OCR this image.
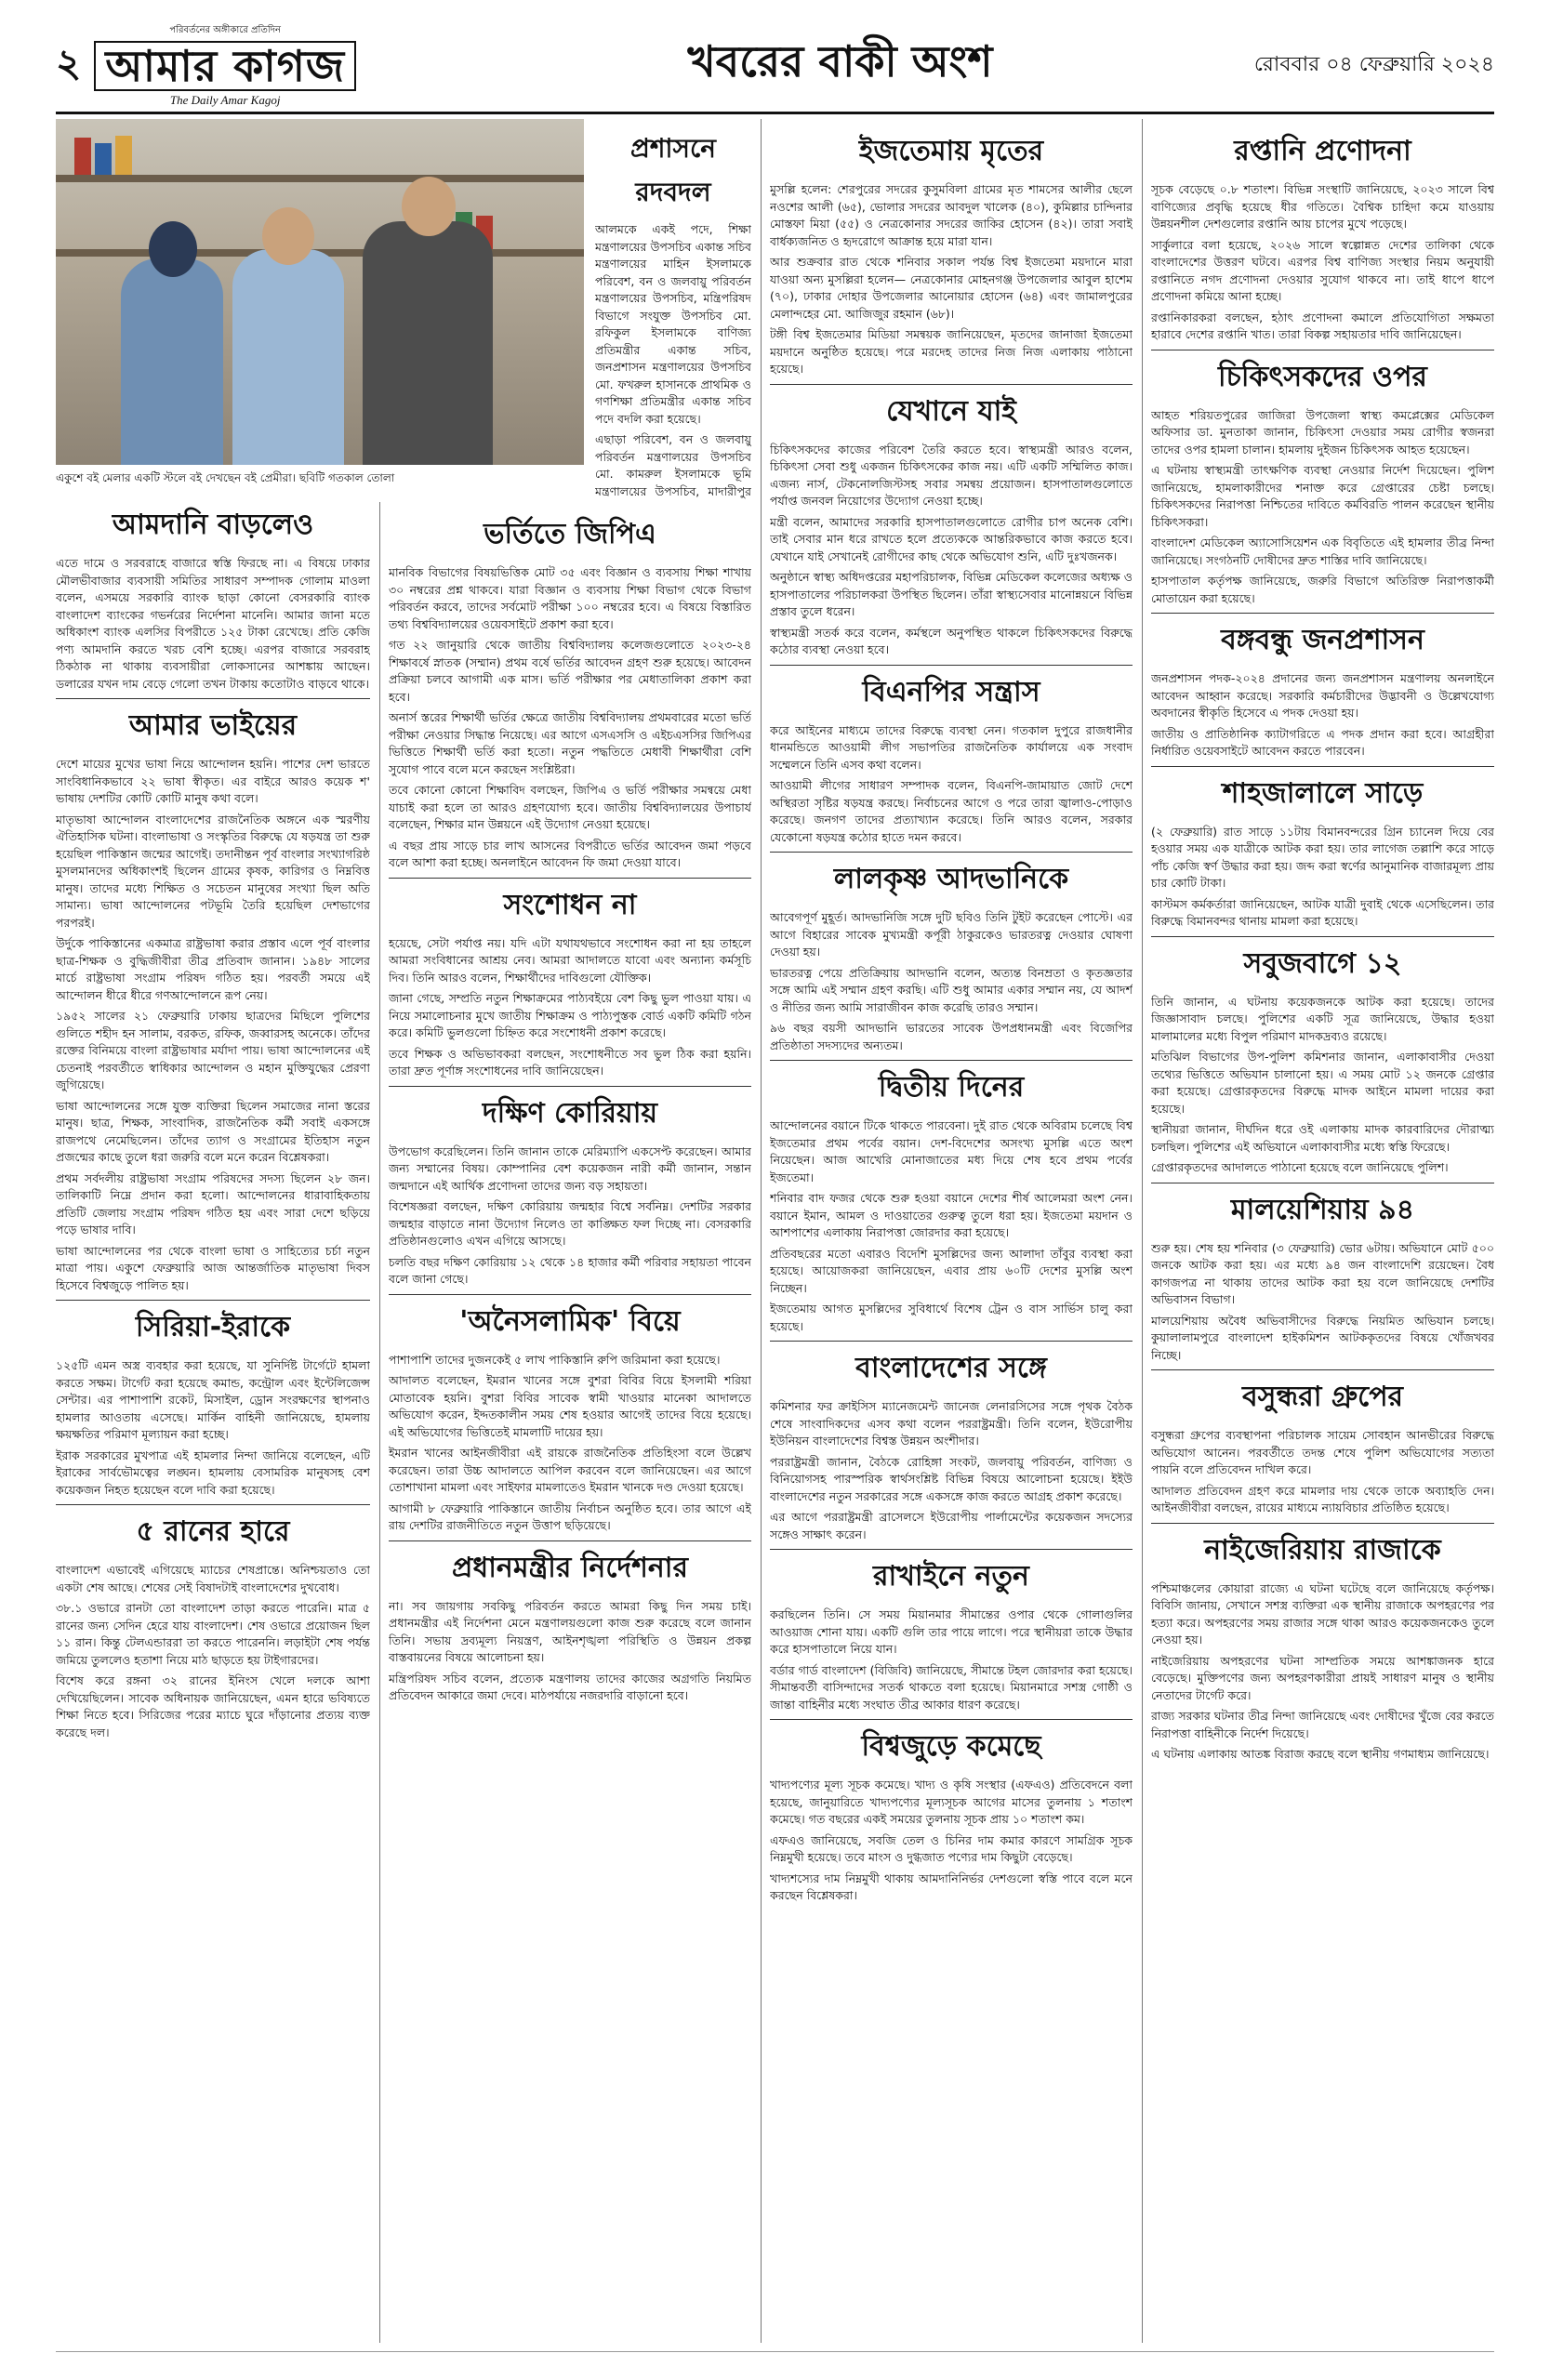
২
পরিবর্তনের অঙ্গীকারে প্রতিদিন
আমার কাগজ
The Daily Amar Kagoj
খবরের বাকী অংশ	রোববার ০৪ ফেব্রুয়ারি ২০২৪
একুশে বই মেলার একটি স্টলে বই দেখছেন বই প্রেমীরা। ছবিটি গতকাল তোলা
আমদানি বাড়লেও

এতে দামে ও সরবরাহে বাজারে স্বস্তি ফিরছে না। এ বিষয়ে ঢাকার মৌলভীবাজার ব্যবসায়ী সমিতির সাধারণ সম্পাদক গোলাম মাওলা বলেন, এসময়ে সরকারি ব্যাংক ছাড়া কোনো বেসরকারি ব্যাংক বাংলাদেশ ব্যাংকের গভর্নরের নির্দেশনা মানেনি। আমার জানা মতে অধিকাংশ ব্যাংক এলসির বিপরীতে ১২৫ টাকা রেখেছে। প্রতি কেজি পণ্য আমদানি করতে খরচ বেশি হচ্ছে। এরপর বাজারে সরবরাহ ঠিকঠাক না থাকায় ব্যবসায়ীরা লোকসানের আশঙ্কায় আছেন। ডলারের যখন দাম বেড়ে গেলো তখন টাকায় কতোটাও বাড়বে থাকে।

আমার ভাইয়ের

দেশে মায়ের মুখের ভাষা নিয়ে আন্দোলন হয়নি। পাশের দেশ ভারতে সাংবিধানিকভাবে ২২ ভাষা স্বীকৃত। এর বাইরে আরও কয়েক শ' ভাষায় দেশটির কোটি কোটি মানুষ কথা বলে।

মাতৃভাষা আন্দোলন বাংলাদেশের রাজনৈতিক অঙ্গনে এক স্মরণীয় ঐতিহাসিক ঘটনা। বাংলাভাষা ও সংস্কৃতির বিরুদ্ধে যে ষড়যন্ত্র তা শুরু হয়েছিল পাকিস্তান জন্মের আগেই। তদানীন্তন পূর্ব বাংলার সংখ্যাগরিষ্ঠ মুসলমানদের অধিকাংশই ছিলেন গ্রামের কৃষক, কারিগর ও নিম্নবিত্ত মানুষ। তাদের মধ্যে শিক্ষিত ও সচেতন মানুষের সংখ্যা ছিল অতি সামান্য। ভাষা আন্দোলনের পটভূমি তৈরি হয়েছিল দেশভাগের পরপরই।

উর্দুকে পাকিস্তানের একমাত্র রাষ্ট্রভাষা করার প্রস্তাব এলে পূর্ব বাংলার ছাত্র-শিক্ষক ও বুদ্ধিজীবীরা তীব্র প্রতিবাদ জানান। ১৯৪৮ সালের মার্চে রাষ্ট্রভাষা সংগ্রাম পরিষদ গঠিত হয়। পরবর্তী সময়ে এই আন্দোলন ধীরে ধীরে গণআন্দোলনে রূপ নেয়।

১৯৫২ সালের ২১ ফেব্রুয়ারি ঢাকায় ছাত্রদের মিছিলে পুলিশের গুলিতে শহীদ হন সালাম, বরকত, রফিক, জব্বারসহ অনেকে। তাঁদের রক্তের বিনিময়ে বাংলা রাষ্ট্রভাষার মর্যাদা পায়। ভাষা আন্দোলনের এই চেতনাই পরবর্তীতে স্বাধিকার আন্দোলন ও মহান মুক্তিযুদ্ধের প্রেরণা জুগিয়েছে।

ভাষা আন্দোলনের সঙ্গে যুক্ত ব্যক্তিরা ছিলেন সমাজের নানা স্তরের মানুষ। ছাত্র, শিক্ষক, সাংবাদিক, রাজনৈতিক কর্মী সবাই একসঙ্গে রাজপথে নেমেছিলেন। তাঁদের ত্যাগ ও সংগ্রামের ইতিহাস নতুন প্রজন্মের কাছে তুলে ধরা জরুরি বলে মনে করেন বিশ্লেষকরা।

প্রথম সর্বদলীয় রাষ্ট্রভাষা সংগ্রাম পরিষদের সদস্য ছিলেন ২৮ জন। তালিকাটি নিম্নে প্রদান করা হলো। আন্দোলনের ধারাবাহিকতায় প্রতিটি জেলায় সংগ্রাম পরিষদ গঠিত হয় এবং সারা দেশে ছড়িয়ে পড়ে ভাষার দাবি।

ভাষা আন্দোলনের পর থেকে বাংলা ভাষা ও সাহিত্যের চর্চা নতুন মাত্রা পায়। একুশে ফেব্রুয়ারি আজ আন্তর্জাতিক মাতৃভাষা দিবস হিসেবে বিশ্বজুড়ে পালিত হয়।

সিরিয়া-ইরাকে

১২৫টি এমন অস্ত্র ব্যবহার করা হয়েছে, যা সুনির্দিষ্ট টার্গেটে হামলা করতে সক্ষম। টার্গেট করা হয়েছে কমান্ড, কন্ট্রোল এবং ইন্টেলিজেন্স সেন্টার। এর পাশাপাশি রকেট, মিসাইল, ড্রোন সংরক্ষণের স্থাপনাও হামলার আওতায় এসেছে। মার্কিন বাহিনী জানিয়েছে, হামলায় ক্ষয়ক্ষতির পরিমাণ মূল্যায়ন করা হচ্ছে।

ইরাক সরকারের মুখপাত্র এই হামলার নিন্দা জানিয়ে বলেছেন, এটি ইরাকের সার্বভৌমত্বের লঙ্ঘন। হামলায় বেসামরিক মানুষসহ বেশ কয়েকজন নিহত হয়েছেন বলে দাবি করা হয়েছে।

৫ রানের হারে

বাংলাদেশ এভাবেই এগিয়েছে ম্যাচের শেষপ্রান্তে। অনিশ্চয়তাও তো একটা শেষ আছে। শেষের সেই বিষাদটাই বাংলাদেশের দুখবোধ।

৩৮.১ ওভারে রানটা তো বাংলাদেশ তাড়া করতে পারেনি। মাত্র ৫ রানের জন্য সেদিন হেরে যায় বাংলাদেশ। শেষ ওভারে প্রয়োজন ছিল ১১ রান। কিন্তু টেলএন্ডাররা তা করতে পারেননি। লড়াইটা শেষ পর্যন্ত জমিয়ে তুললেও হতাশা নিয়ে মাঠ ছাড়তে হয় টাইগারদের।

বিশেষ করে রঙ্গনা ৩২ রানের ইনিংস খেলে দলকে আশা দেখিয়েছিলেন। সাবেক অধিনায়ক জানিয়েছেন, এমন হারে ভবিষ্যতে শিক্ষা নিতে হবে। সিরিজের পরের ম্যাচে ঘুরে দাঁড়ানোর প্রত্যয় ব্যক্ত করেছে দল।

ভর্তিতে জিপিএ

মানবিক বিভাগের বিষয়ভিত্তিক মোট ৩৫ এবং বিজ্ঞান ও ব্যবসায় শিক্ষা শাখায় ৩০ নম্বরের প্রশ্ন থাকবে। যারা বিজ্ঞান ও ব্যবসায় শিক্ষা বিভাগ থেকে বিভাগ পরিবর্তন করবে, তাদের সর্বমোট পরীক্ষা ১০০ নম্বরের হবে। এ বিষয়ে বিস্তারিত তথ্য বিশ্ববিদ্যালয়ের ওয়েবসাইটে প্রকাশ করা হবে।

গত ২২ জানুয়ারি থেকে জাতীয় বিশ্ববিদ্যালয় কলেজগুলোতে ২০২৩-২৪ শিক্ষাবর্ষে স্নাতক (সম্মান) প্রথম বর্ষে ভর্তির আবেদন গ্রহণ শুরু হয়েছে। আবেদন প্রক্রিয়া চলবে আগামী এক মাস। ভর্তি পরীক্ষার পর মেধাতালিকা প্রকাশ করা হবে।

অনার্স স্তরের শিক্ষার্থী ভর্তির ক্ষেত্রে জাতীয় বিশ্ববিদ্যালয় প্রথমবারের মতো ভর্তি পরীক্ষা নেওয়ার সিদ্ধান্ত নিয়েছে। এর আগে এসএসসি ও এইচএসসির জিপিএর ভিত্তিতে শিক্ষার্থী ভর্তি করা হতো। নতুন পদ্ধতিতে মেধাবী শিক্ষার্থীরা বেশি সুযোগ পাবে বলে মনে করছেন সংশ্লিষ্টরা।

তবে কোনো কোনো শিক্ষাবিদ বলছেন, জিপিএ ও ভর্তি পরীক্ষার সমন্বয়ে মেধা যাচাই করা হলে তা আরও গ্রহণযোগ্য হবে। জাতীয় বিশ্ববিদ্যালয়ের উপাচার্য বলেছেন, শিক্ষার মান উন্নয়নে এই উদ্যোগ নেওয়া হয়েছে।

এ বছর প্রায় সাড়ে চার লাখ আসনের বিপরীতে ভর্তির আবেদন জমা পড়বে বলে আশা করা হচ্ছে। অনলাইনে আবেদন ফি জমা দেওয়া যাবে।

সংশোধন না

হয়েছে, সেটা পর্যাপ্ত নয়। যদি এটা যথাযথভাবে সংশোধন করা না হয় তাহলে আমরা সংবিধানের আশ্রয় নেব। আমরা আদালতে যাবো এবং অন্যান্য কর্মসূচি দিব। তিনি আরও বলেন, শিক্ষার্থীদের দাবিগুলো যৌক্তিক।

জানা গেছে, সম্প্রতি নতুন শিক্ষাক্রমের পাঠ্যবইয়ে বেশ কিছু ভুল পাওয়া যায়। এ নিয়ে সমালোচনার মুখে জাতীয় শিক্ষাক্রম ও পাঠ্যপুস্তক বোর্ড একটি কমিটি গঠন করে। কমিটি ভুলগুলো চিহ্নিত করে সংশোধনী প্রকাশ করেছে।

তবে শিক্ষক ও অভিভাবকরা বলছেন, সংশোধনীতে সব ভুল ঠিক করা হয়নি। তারা দ্রুত পূর্ণাঙ্গ সংশোধনের দাবি জানিয়েছেন।

দক্ষিণ কোরিয়ায়

উপভোগ করেছিলেন। তিনি জানান তাকে মেরিম্যাপি একসেপ্ট করেছেন। আমার জন্য সম্মানের বিষয়। কোম্পানির বেশ কয়েকজন নারী কর্মী জানান, সন্তান জন্মদানে এই আর্থিক প্রণোদনা তাদের জন্য বড় সহায়তা।

বিশেষজ্ঞরা বলছেন, দক্ষিণ কোরিয়ায় জন্মহার বিশ্বে সর্বনিম্ন। দেশটির সরকার জন্মহার বাড়াতে নানা উদ্যোগ নিলেও তা কাঙ্ক্ষিত ফল দিচ্ছে না। বেসরকারি প্রতিষ্ঠানগুলোও এখন এগিয়ে আসছে।

চলতি বছর দক্ষিণ কোরিয়ায় ১২ থেকে ১৪ হাজার কর্মী পরিবার সহায়তা পাবেন বলে জানা গেছে।

'অনৈসলামিক' বিয়ে

পাশাপাশি তাদের দুজনকেই ৫ লাখ পাকিস্তানি রুপি জরিমানা করা হয়েছে।

আদালত বলেছেন, ইমরান খানের সঙ্গে বুশরা বিবির বিয়ে ইসলামী শরিয়া মোতাবেক হয়নি। বুশরা বিবির সাবেক স্বামী খাওয়ার মানেকা আদালতে অভিযোগ করেন, ইদ্দতকালীন সময় শেষ হওয়ার আগেই তাদের বিয়ে হয়েছে। এই অভিযোগের ভিত্তিতেই মামলাটি দায়ের হয়।

ইমরান খানের আইনজীবীরা এই রায়কে রাজনৈতিক প্রতিহিংসা বলে উল্লেখ করেছেন। তারা উচ্চ আদালতে আপিল করবেন বলে জানিয়েছেন। এর আগে তোশাখানা মামলা এবং সাইফার মামলাতেও ইমরান খানকে দণ্ড দেওয়া হয়েছে।

আগামী ৮ ফেব্রুয়ারি পাকিস্তানে জাতীয় নির্বাচন অনুষ্ঠিত হবে। তার আগে এই রায় দেশটির রাজনীতিতে নতুন উত্তাপ ছড়িয়েছে।

প্রধানমন্ত্রীর নির্দেশনার

না। সব জায়গায় সবকিছু পরিবর্তন করতে আমরা কিছু দিন সময় চাই। প্রধানমন্ত্রীর এই নির্দেশনা মেনে মন্ত্রণালয়গুলো কাজ শুরু করেছে বলে জানান তিনি। সভায় দ্রব্যমূল্য নিয়ন্ত্রণ, আইনশৃঙ্খলা পরিস্থিতি ও উন্নয়ন প্রকল্প বাস্তবায়নের বিষয়ে আলোচনা হয়।

মন্ত্রিপরিষদ সচিব বলেন, প্রত্যেক মন্ত্রণালয় তাদের কাজের অগ্রগতি নিয়মিত প্রতিবেদন আকারে জমা দেবে। মাঠপর্যায়ে নজরদারি বাড়ানো হবে।

প্রশাসনে রদবদল

আলমকে একই পদে, শিক্ষা মন্ত্রণালয়ের উপসচিব একান্ত সচিব মন্ত্রণালয়ের মাহিন ইসলামকে পরিবেশ, বন ও জলবায়ু পরিবর্তন মন্ত্রণালয়ের উপসচিব, মন্ত্রিপরিষদ বিভাগে সংযুক্ত উপসচিব মো. রফিকুল ইসলামকে বাণিজ্য প্রতিমন্ত্রীর একান্ত সচিব, জনপ্রশাসন মন্ত্রণালয়ের উপসচিব মো. ফখরুল হাসানকে প্রাথমিক ও গণশিক্ষা প্রতিমন্ত্রীর একান্ত সচিব পদে বদলি করা হয়েছে।

এছাড়া পরিবেশ, বন ও জলবায়ু পরিবর্তন মন্ত্রণালয়ের উপসচিব মো. কামরুল ইসলামকে ভূমি মন্ত্রণালয়ের উপসচিব, মাদারীপুর

ইজতেমায় মৃতের

মুসল্লি হলেন: শেরপুরের সদরের কুসুমবিলা গ্রামের মৃত শামসের আলীর ছেলে নওশের আলী (৬৫), ভোলার সদরের আবদুল খালেক (৪০), কুমিল্লার চান্দিনার মোস্তফা মিয়া (৫৫) ও নেত্রকোনার সদরের জাকির হোসেন (৪২)। তারা সবাই বার্ধক্যজনিত ও হৃদরোগে আক্রান্ত হয়ে মারা যান।

আর শুক্রবার রাত থেকে শনিবার সকাল পর্যন্ত বিশ্ব ইজতেমা ময়দানে মারা যাওয়া অন্য মুসল্লিরা হলেন— নেত্রকোনার মোহনগঞ্জ উপজেলার আবুল হাশেম (৭০), ঢাকার দোহার উপজেলার আনোয়ার হোসেন (৬৪) এবং জামালপুরের মেলান্দহের মো. আজিজুর রহমান (৬৮)।

টঙ্গী বিশ্ব ইজতেমার মিডিয়া সমন্বয়ক জানিয়েছেন, মৃতদের জানাজা ইজতেমা ময়দানে অনুষ্ঠিত হয়েছে। পরে মরদেহ তাদের নিজ নিজ এলাকায় পাঠানো হয়েছে।

যেখানে যাই

চিকিৎসকদের কাজের পরিবেশ তৈরি করতে হবে। স্বাস্থ্যমন্ত্রী আরও বলেন, চিকিৎসা সেবা শুধু একজন চিকিৎসকের কাজ নয়। এটি একটি সম্মিলিত কাজ। এজন্য নার্স, টেকনোলজিস্টসহ সবার সমন্বয় প্রয়োজন। হাসপাতালগুলোতে পর্যাপ্ত জনবল নিয়োগের উদ্যোগ নেওয়া হচ্ছে।

মন্ত্রী বলেন, আমাদের সরকারি হাসপাতালগুলোতে রোগীর চাপ অনেক বেশি। তাই সেবার মান ধরে রাখতে হলে প্রত্যেককে আন্তরিকভাবে কাজ করতে হবে। যেখানে যাই সেখানেই রোগীদের কাছ থেকে অভিযোগ শুনি, এটি দুঃখজনক।

অনুষ্ঠানে স্বাস্থ্য অধিদপ্তরের মহাপরিচালক, বিভিন্ন মেডিকেল কলেজের অধ্যক্ষ ও হাসপাতালের পরিচালকরা উপস্থিত ছিলেন। তাঁরা স্বাস্থ্যসেবার মানোন্নয়নে বিভিন্ন প্রস্তাব তুলে ধরেন।

স্বাস্থ্যমন্ত্রী সতর্ক করে বলেন, কর্মস্থলে অনুপস্থিত থাকলে চিকিৎসকদের বিরুদ্ধে কঠোর ব্যবস্থা নেওয়া হবে।

বিএনপির সন্ত্রাস

করে আইনের মাধ্যমে তাদের বিরুদ্ধে ব্যবস্থা নেন। গতকাল দুপুরে রাজধানীর ধানমন্ডিতে আওয়ামী লীগ সভাপতির রাজনৈতিক কার্যালয়ে এক সংবাদ সম্মেলনে তিনি এসব কথা বলেন।

আওয়ামী লীগের সাধারণ সম্পাদক বলেন, বিএনপি-জামায়াত জোট দেশে অস্থিরতা সৃষ্টির ষড়যন্ত্র করছে। নির্বাচনের আগে ও পরে তারা জ্বালাও-পোড়াও করেছে। জনগণ তাদের প্রত্যাখ্যান করেছে। তিনি আরও বলেন, সরকার যেকোনো ষড়যন্ত্র কঠোর হাতে দমন করবে।

লালকৃষ্ণ আদভানিকে

আবেগপূর্ণ মুহূর্ত। আদভানিজি সঙ্গে দুটি ছবিও তিনি টুইট করেছেন পোস্টে। এর আগে বিহারের সাবেক মুখ্যমন্ত্রী কর্পূরী ঠাকুরকেও ভারতরত্ন দেওয়ার ঘোষণা দেওয়া হয়।

ভারতরত্ন পেয়ে প্রতিক্রিয়ায় আদভানি বলেন, অত্যন্ত বিনম্রতা ও কৃতজ্ঞতার সঙ্গে আমি এই সম্মান গ্রহণ করছি। এটি শুধু আমার একার সম্মান নয়, যে আদর্শ ও নীতির জন্য আমি সারাজীবন কাজ করেছি তারও সম্মান।

৯৬ বছর বয়সী আদভানি ভারতের সাবেক উপপ্রধানমন্ত্রী এবং বিজেপির প্রতিষ্ঠাতা সদস্যদের অন্যতম।

দ্বিতীয় দিনের

আন্দোলনের বয়ানে টিকে থাকতে পারবেনা। দুই রাত থেকে অবিরাম চলেছে বিশ্ব ইজতেমার প্রথম পর্বের বয়ান। দেশ-বিদেশের অসংখ্য মুসল্লি এতে অংশ নিয়েছেন। আজ আখেরি মোনাজাতের মধ্য দিয়ে শেষ হবে প্রথম পর্বের ইজতেমা।

শনিবার বাদ ফজর থেকে শুরু হওয়া বয়ানে দেশের শীর্ষ আলেমরা অংশ নেন। বয়ানে ইমান, আমল ও দাওয়াতের গুরুত্ব তুলে ধরা হয়। ইজতেমা ময়দান ও আশপাশের এলাকায় নিরাপত্তা জোরদার করা হয়েছে।

প্রতিবছরের মতো এবারও বিদেশি মুসল্লিদের জন্য আলাদা তাঁবুর ব্যবস্থা করা হয়েছে। আয়োজকরা জানিয়েছেন, এবার প্রায় ৬০টি দেশের মুসল্লি অংশ নিচ্ছেন।

ইজতেমায় আগত মুসল্লিদের সুবিধার্থে বিশেষ ট্রেন ও বাস সার্ভিস চালু করা হয়েছে।

বাংলাদেশের সঙ্গে

কমিশনার ফর ক্রাইসিস ম্যানেজমেন্ট জানেজ লেনারসিসের সঙ্গে পৃথক বৈঠক শেষে সাংবাদিকদের এসব কথা বলেন পররাষ্ট্রমন্ত্রী। তিনি বলেন, ইউরোপীয় ইউনিয়ন বাংলাদেশের বিশ্বস্ত উন্নয়ন অংশীদার।

পররাষ্ট্রমন্ত্রী জানান, বৈঠকে রোহিঙ্গা সংকট, জলবায়ু পরিবর্তন, বাণিজ্য ও বিনিয়োগসহ পারস্পরিক স্বার্থসংশ্লিষ্ট বিভিন্ন বিষয়ে আলোচনা হয়েছে। ইইউ বাংলাদেশের নতুন সরকারের সঙ্গে একসঙ্গে কাজ করতে আগ্রহ প্রকাশ করেছে।

এর আগে পররাষ্ট্রমন্ত্রী ব্রাসেলসে ইউরোপীয় পার্লামেন্টের কয়েকজন সদস্যের সঙ্গেও সাক্ষাৎ করেন।

রাখাইনে নতুন

করছিলেন তিনি। সে সময় মিয়ানমার সীমান্তের ওপার থেকে গোলাগুলির আওয়াজ শোনা যায়। একটি গুলি তার পায়ে লাগে। পরে স্থানীয়রা তাকে উদ্ধার করে হাসপাতালে নিয়ে যান।

বর্ডার গার্ড বাংলাদেশ (বিজিবি) জানিয়েছে, সীমান্তে টহল জোরদার করা হয়েছে। সীমান্তবর্তী বাসিন্দাদের সতর্ক থাকতে বলা হয়েছে। মিয়ানমারে সশস্ত্র গোষ্ঠী ও জান্তা বাহিনীর মধ্যে সংঘাত তীব্র আকার ধারণ করেছে।

বিশ্বজুড়ে কমেছে

খাদ্যপণ্যের মূল্য সূচক কমেছে। খাদ্য ও কৃষি সংস্থার (এফএও) প্রতিবেদনে বলা হয়েছে, জানুয়ারিতে খাদ্যপণ্যের মূল্যসূচক আগের মাসের তুলনায় ১ শতাংশ কমেছে। গত বছরের একই সময়ের তুলনায় সূচক প্রায় ১০ শতাংশ কম।

এফএও জানিয়েছে, সবজি তেল ও চিনির দাম কমার কারণে সামগ্রিক সূচক নিম্নমুখী হয়েছে। তবে মাংস ও দুগ্ধজাত পণ্যের দাম কিছুটা বেড়েছে।

খাদ্যশস্যের দাম নিম্নমুখী থাকায় আমদানিনির্ভর দেশগুলো স্বস্তি পাবে বলে মনে করছেন বিশ্লেষকরা।

রপ্তানি প্রণোদনা

সূচক বেড়েছে ০.৮ শতাংশ। বিভিন্ন সংস্থাটি জানিয়েছে, ২০২৩ সালে বিশ্ব বাণিজ্যের প্রবৃদ্ধি হয়েছে ধীর গতিতে। বৈশ্বিক চাহিদা কমে যাওয়ায় উন্নয়নশীল দেশগুলোর রপ্তানি আয় চাপের মুখে পড়েছে।

সার্কুলারে বলা হয়েছে, ২০২৬ সালে স্বল্পোন্নত দেশের তালিকা থেকে বাংলাদেশের উত্তরণ ঘটবে। এরপর বিশ্ব বাণিজ্য সংস্থার নিয়ম অনুযায়ী রপ্তানিতে নগদ প্রণোদনা দেওয়ার সুযোগ থাকবে না। তাই ধাপে ধাপে প্রণোদনা কমিয়ে আনা হচ্ছে।

রপ্তানিকারকরা বলছেন, হঠাৎ প্রণোদনা কমালে প্রতিযোগিতা সক্ষমতা হারাবে দেশের রপ্তানি খাত। তারা বিকল্প সহায়তার দাবি জানিয়েছেন।

চিকিৎসকদের ওপর

আহত শরিয়তপুরের জাজিরা উপজেলা স্বাস্থ্য কমপ্লেক্সের মেডিকেল অফিসার ডা. মুনতাকা জানান, চিকিৎসা দেওয়ার সময় রোগীর স্বজনরা তাদের ওপর হামলা চালান। হামলায় দুইজন চিকিৎসক আহত হয়েছেন।

এ ঘটনায় স্বাস্থ্যমন্ত্রী তাৎক্ষণিক ব্যবস্থা নেওয়ার নির্দেশ দিয়েছেন। পুলিশ জানিয়েছে, হামলাকারীদের শনাক্ত করে গ্রেপ্তারের চেষ্টা চলছে। চিকিৎসকদের নিরাপত্তা নিশ্চিতের দাবিতে কর্মবিরতি পালন করেছেন স্থানীয় চিকিৎসকরা।

বাংলাদেশ মেডিকেল অ্যাসোসিয়েশন এক বিবৃতিতে এই হামলার তীব্র নিন্দা জানিয়েছে। সংগঠনটি দোষীদের দ্রুত শাস্তির দাবি জানিয়েছে।

হাসপাতাল কর্তৃপক্ষ জানিয়েছে, জরুরি বিভাগে অতিরিক্ত নিরাপত্তাকর্মী মোতায়েন করা হয়েছে।

বঙ্গবন্ধু জনপ্রশাসন

জনপ্রশাসন পদক-২০২৪ প্রদানের জন্য জনপ্রশাসন মন্ত্রণালয় অনলাইনে আবেদন আহ্বান করেছে। সরকারি কর্মচারীদের উদ্ভাবনী ও উল্লেখযোগ্য অবদানের স্বীকৃতি হিসেবে এ পদক দেওয়া হয়।

জাতীয় ও প্রাতিষ্ঠানিক ক্যাটাগরিতে এ পদক প্রদান করা হবে। আগ্রহীরা নির্ধারিত ওয়েবসাইটে আবেদন করতে পারবেন।

শাহজালালে সাড়ে

(২ ফেব্রুয়ারি) রাত সাড়ে ১১টায় বিমানবন্দরের গ্রিন চ্যানেল দিয়ে বের হওয়ার সময় এক যাত্রীকে আটক করা হয়। তার লাগেজ তল্লাশি করে সাড়ে পাঁচ কেজি স্বর্ণ উদ্ধার করা হয়। জব্দ করা স্বর্ণের আনুমানিক বাজারমূল্য প্রায় চার কোটি টাকা।

কাস্টমস কর্মকর্তারা জানিয়েছেন, আটক যাত্রী দুবাই থেকে এসেছিলেন। তার বিরুদ্ধে বিমানবন্দর থানায় মামলা করা হয়েছে।

সবুজবাগে ১২

তিনি জানান, এ ঘটনায় কয়েকজনকে আটক করা হয়েছে। তাদের জিজ্ঞাসাবাদ চলছে। পুলিশের একটি সূত্র জানিয়েছে, উদ্ধার হওয়া মালামালের মধ্যে বিপুল পরিমাণ মাদকদ্রব্যও রয়েছে।

মতিঝিল বিভাগের উপ-পুলিশ কমিশনার জানান, এলাকাবাসীর দেওয়া তথ্যের ভিত্তিতে অভিযান চালানো হয়। এ সময় মোট ১২ জনকে গ্রেপ্তার করা হয়েছে। গ্রেপ্তারকৃতদের বিরুদ্ধে মাদক আইনে মামলা দায়ের করা হয়েছে।

স্থানীয়রা জানান, দীর্ঘদিন ধরে ওই এলাকায় মাদক কারবারিদের দৌরাত্ম্য চলছিল। পুলিশের এই অভিযানে এলাকাবাসীর মধ্যে স্বস্তি ফিরেছে।

গ্রেপ্তারকৃতদের আদালতে পাঠানো হয়েছে বলে জানিয়েছে পুলিশ।

মালয়েশিয়ায় ৯৪

শুরু হয়। শেষ হয় শনিবার (৩ ফেব্রুয়ারি) ভোর ৬টায়। অভিযানে মোট ৫০০ জনকে আটক করা হয়। এর মধ্যে ৯৪ জন বাংলাদেশি রয়েছেন। বৈধ কাগজপত্র না থাকায় তাদের আটক করা হয় বলে জানিয়েছে দেশটির অভিবাসন বিভাগ।

মালয়েশিয়ায় অবৈধ অভিবাসীদের বিরুদ্ধে নিয়মিত অভিযান চলছে। কুয়ালালামপুরে বাংলাদেশ হাইকমিশন আটককৃতদের বিষয়ে খোঁজখবর নিচ্ছে।

বসুন্ধরা গ্রুপের

বসুন্ধরা গ্রুপের ব্যবস্থাপনা পরিচালক সায়েম সোবহান আনভীরের বিরুদ্ধে অভিযোগ আনেন। পরবর্তীতে তদন্ত শেষে পুলিশ অভিযোগের সত্যতা পায়নি বলে প্রতিবেদন দাখিল করে।

আদালত প্রতিবেদন গ্রহণ করে মামলার দায় থেকে তাকে অব্যাহতি দেন। আইনজীবীরা বলছেন, রায়ের মাধ্যমে ন্যায়বিচার প্রতিষ্ঠিত হয়েছে।

নাইজেরিয়ায় রাজাকে

পশ্চিমাঞ্চলের কোয়ারা রাজ্যে এ ঘটনা ঘটেছে বলে জানিয়েছে কর্তৃপক্ষ। বিবিসি জানায়, সেখানে সশস্ত্র ব্যক্তিরা এক স্থানীয় রাজাকে অপহরণের পর হত্যা করে। অপহরণের সময় রাজার সঙ্গে থাকা আরও কয়েকজনকেও তুলে নেওয়া হয়।

নাইজেরিয়ায় অপহরণের ঘটনা সাম্প্রতিক সময়ে আশঙ্কাজনক হারে বেড়েছে। মুক্তিপণের জন্য অপহরণকারীরা প্রায়ই সাধারণ মানুষ ও স্থানীয় নেতাদের টার্গেট করে।

রাজ্য সরকার ঘটনার তীব্র নিন্দা জানিয়েছে এবং দোষীদের খুঁজে বের করতে নিরাপত্তা বাহিনীকে নির্দেশ দিয়েছে।

এ ঘটনায় এলাকায় আতঙ্ক বিরাজ করছে বলে স্থানীয় গণমাধ্যম জানিয়েছে।
